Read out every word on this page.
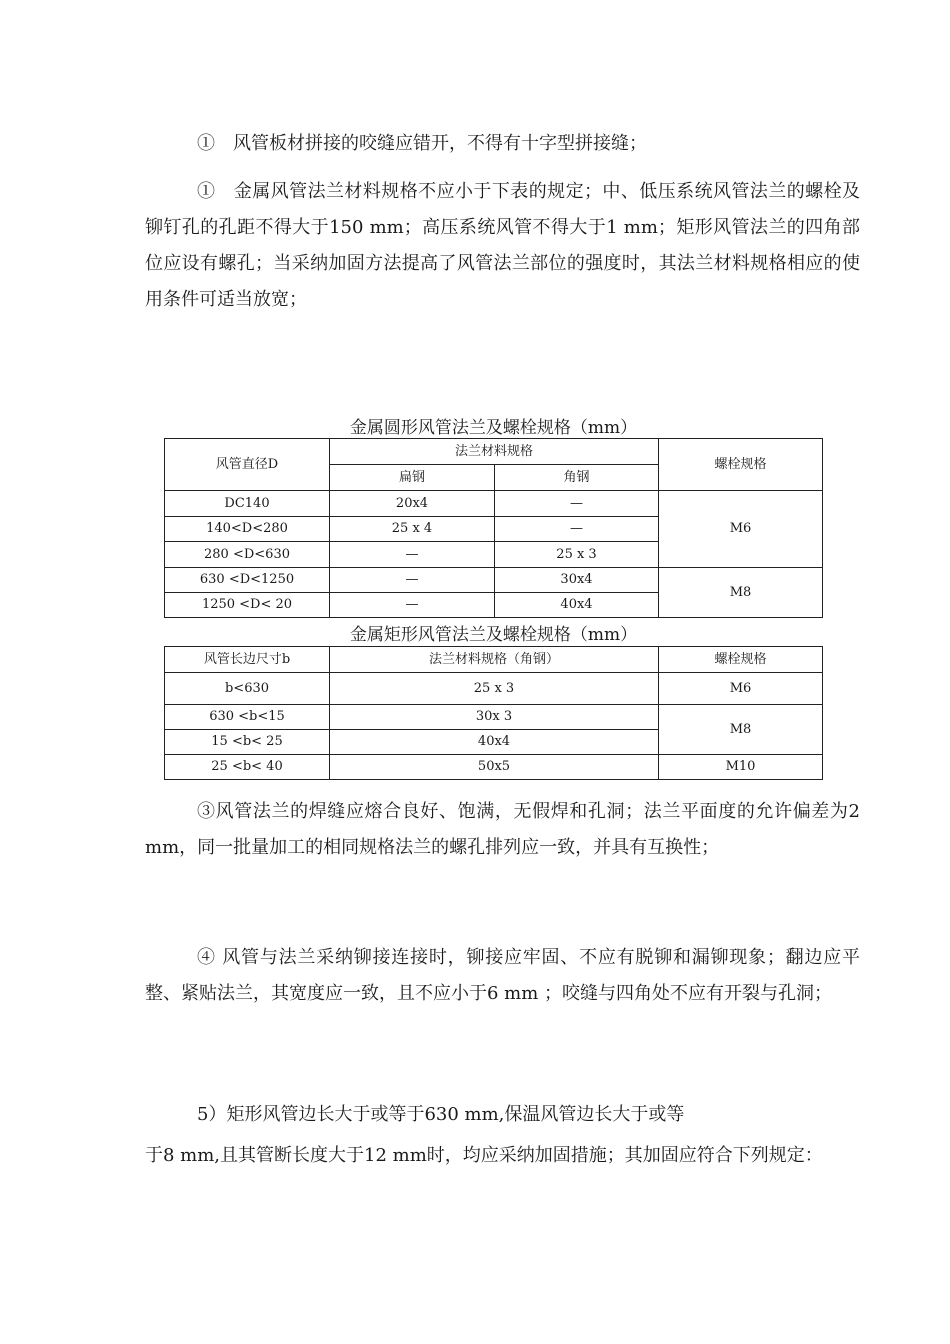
①　风管板材拼接的咬缝应错开，不得有十字型拼接缝；

①　金属风管法兰材料规格不应小于下表的规定；中、低压系统风管法兰的螺栓及铆钉孔的孔距不得大于150 mm；高压系统风管不得大于1 mm；矩形风管法兰的四角部位应设有螺孔；当采纳加固方法提高了风管法兰部位的强度时，其法兰材料规格相应的使用条件可适当放宽；

金属圆形风管法兰及螺栓规格（mm）

风管直径D	法兰材料规格		螺栓规格
	扁钢	角钢	
DC140	20x4	—	M6
140<D<280	25 x 4	—	
280 <D<630	—	25 x 3	
630 <D<1250	—	30x4	M8
1250 <D< 20	—	40x4	

金属矩形风管法兰及螺栓规格（mm）

风管长边尺寸b	法兰材料规格（角钢）	螺栓规格
b<630	25 x 3	M6
630 <b<15	30x 3	M8
15 <b< 25	40x4	
25 <b< 40	50x5	M10

③风管法兰的焊缝应熔合良好、饱满，无假焊和孔洞；法兰平面度的允许偏差为2 mm，同一批量加工的相同规格法兰的螺孔排列应一致，并具有互换性；

④ 风管与法兰采纳铆接连接时，铆接应牢固、不应有脱铆和漏铆现象；翻边应平整、紧贴法兰，其宽度应一致，且不应小于6 mm ；咬缝与四角处不应有开裂与孔洞；

5）矩形风管边长大于或等于630 mm,保温风管边长大于或等

于8 mm,且其管断长度大于12 mm时，均应采纳加固措施；其加固应符合下列规定：
